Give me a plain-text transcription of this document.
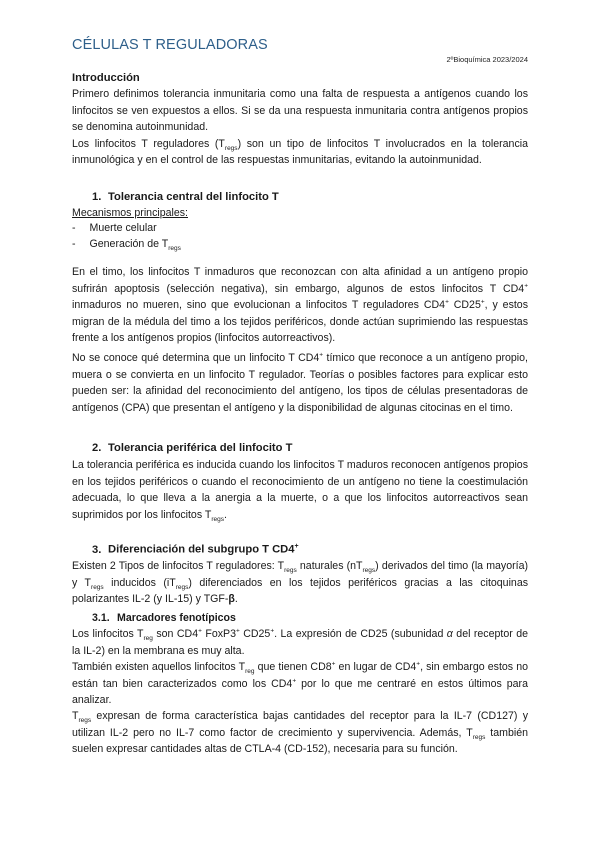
CÉLULAS T REGULADORAS
2ºBioquímica 2023/2024
Introducción
Primero definimos tolerancia inmunitaria como una falta de respuesta a antígenos cuando los linfocitos se ven expuestos a ellos. Si se da una respuesta inmunitaria contra antígenos propios se denomina autoinmunidad.
Los linfocitos T reguladores $(T_{regs})$ son un tipo de linfocitos T involucrados en la tolerancia inmunológica y en el control de las respuestas inmunitarias, evitando la autoinmunidad.
1. Tolerancia central del linfocito T
Mecanismos principales:
- Muerte celular
- Generación de $T_{regs}$
En el timo, los linfocitos T inmaduros que reconozcan con alta afinidad a un antígeno propio sufrirán apoptosis (selección negativa), sin embargo, algunos de estos linfocitos T CD4+ inmaduros no mueren, sino que evolucionan a linfocitos T reguladores CD4+ CD25+, y estos migran de la médula del timo a los tejidos periféricos, donde actúan suprimiendo las respuestas frente a los antígenos propios (linfocitos autorreactivos).
No se conoce qué determina que un linfocito T CD4+ tímico que reconoce a un antígeno propio, muera o se convierta en un linfocito T regulador. Teorías o posibles factores para explicar esto pueden ser: la afinidad del reconocimiento del antígeno, los tipos de células presentadoras de antígenos (CPA) que presentan el antígeno y la disponibilidad de algunas citocinas en el timo.
2. Tolerancia periférica del linfocito T
La tolerancia periférica es inducida cuando los linfocitos T maduros reconocen antígenos propios en los tejidos periféricos o cuando el reconocimiento de un antígeno no tiene la coestimulación adecuada, lo que lleva a la anergia a la muerte, o a que los linfocitos autorreactivos sean suprimidos por los linfocitos $T_{regs}$.
3. Diferenciación del subgrupo T CD4+
Existen 2 Tipos de linfocitos T reguladores: $T_{regs}$ naturales $(nT_{regs})$ derivados del timo (la mayoría) y $T_{regs}$ inducidos $(iT_{regs})$ diferenciados en los tejidos periféricos gracias a las citoquinas polarizantes IL-2 (y IL-15) y TGF-β.
3.1. Marcadores fenotípicos
Los linfocitos $T_{reg}$ son CD4+ FoxP3+ CD25+. La expresión de CD25 (subunidad α del receptor de la IL-2) en la membrana es muy alta.
También existen aquellos linfocitos $T_{reg}$ que tienen CD8+ en lugar de CD4+, sin embargo estos no están tan bien caracterizados como los CD4+ por lo que me centraré en estos últimos para analizar.
$T_{regs}$ expresan de forma característica bajas cantidades del receptor para la IL-7 (CD127) y utilizan IL-2 pero no IL-7 como factor de crecimiento y supervivencia. Además, $T_{regs}$ también suelen expresar cantidades altas de CTLA-4 (CD-152), necesaria para su función.
